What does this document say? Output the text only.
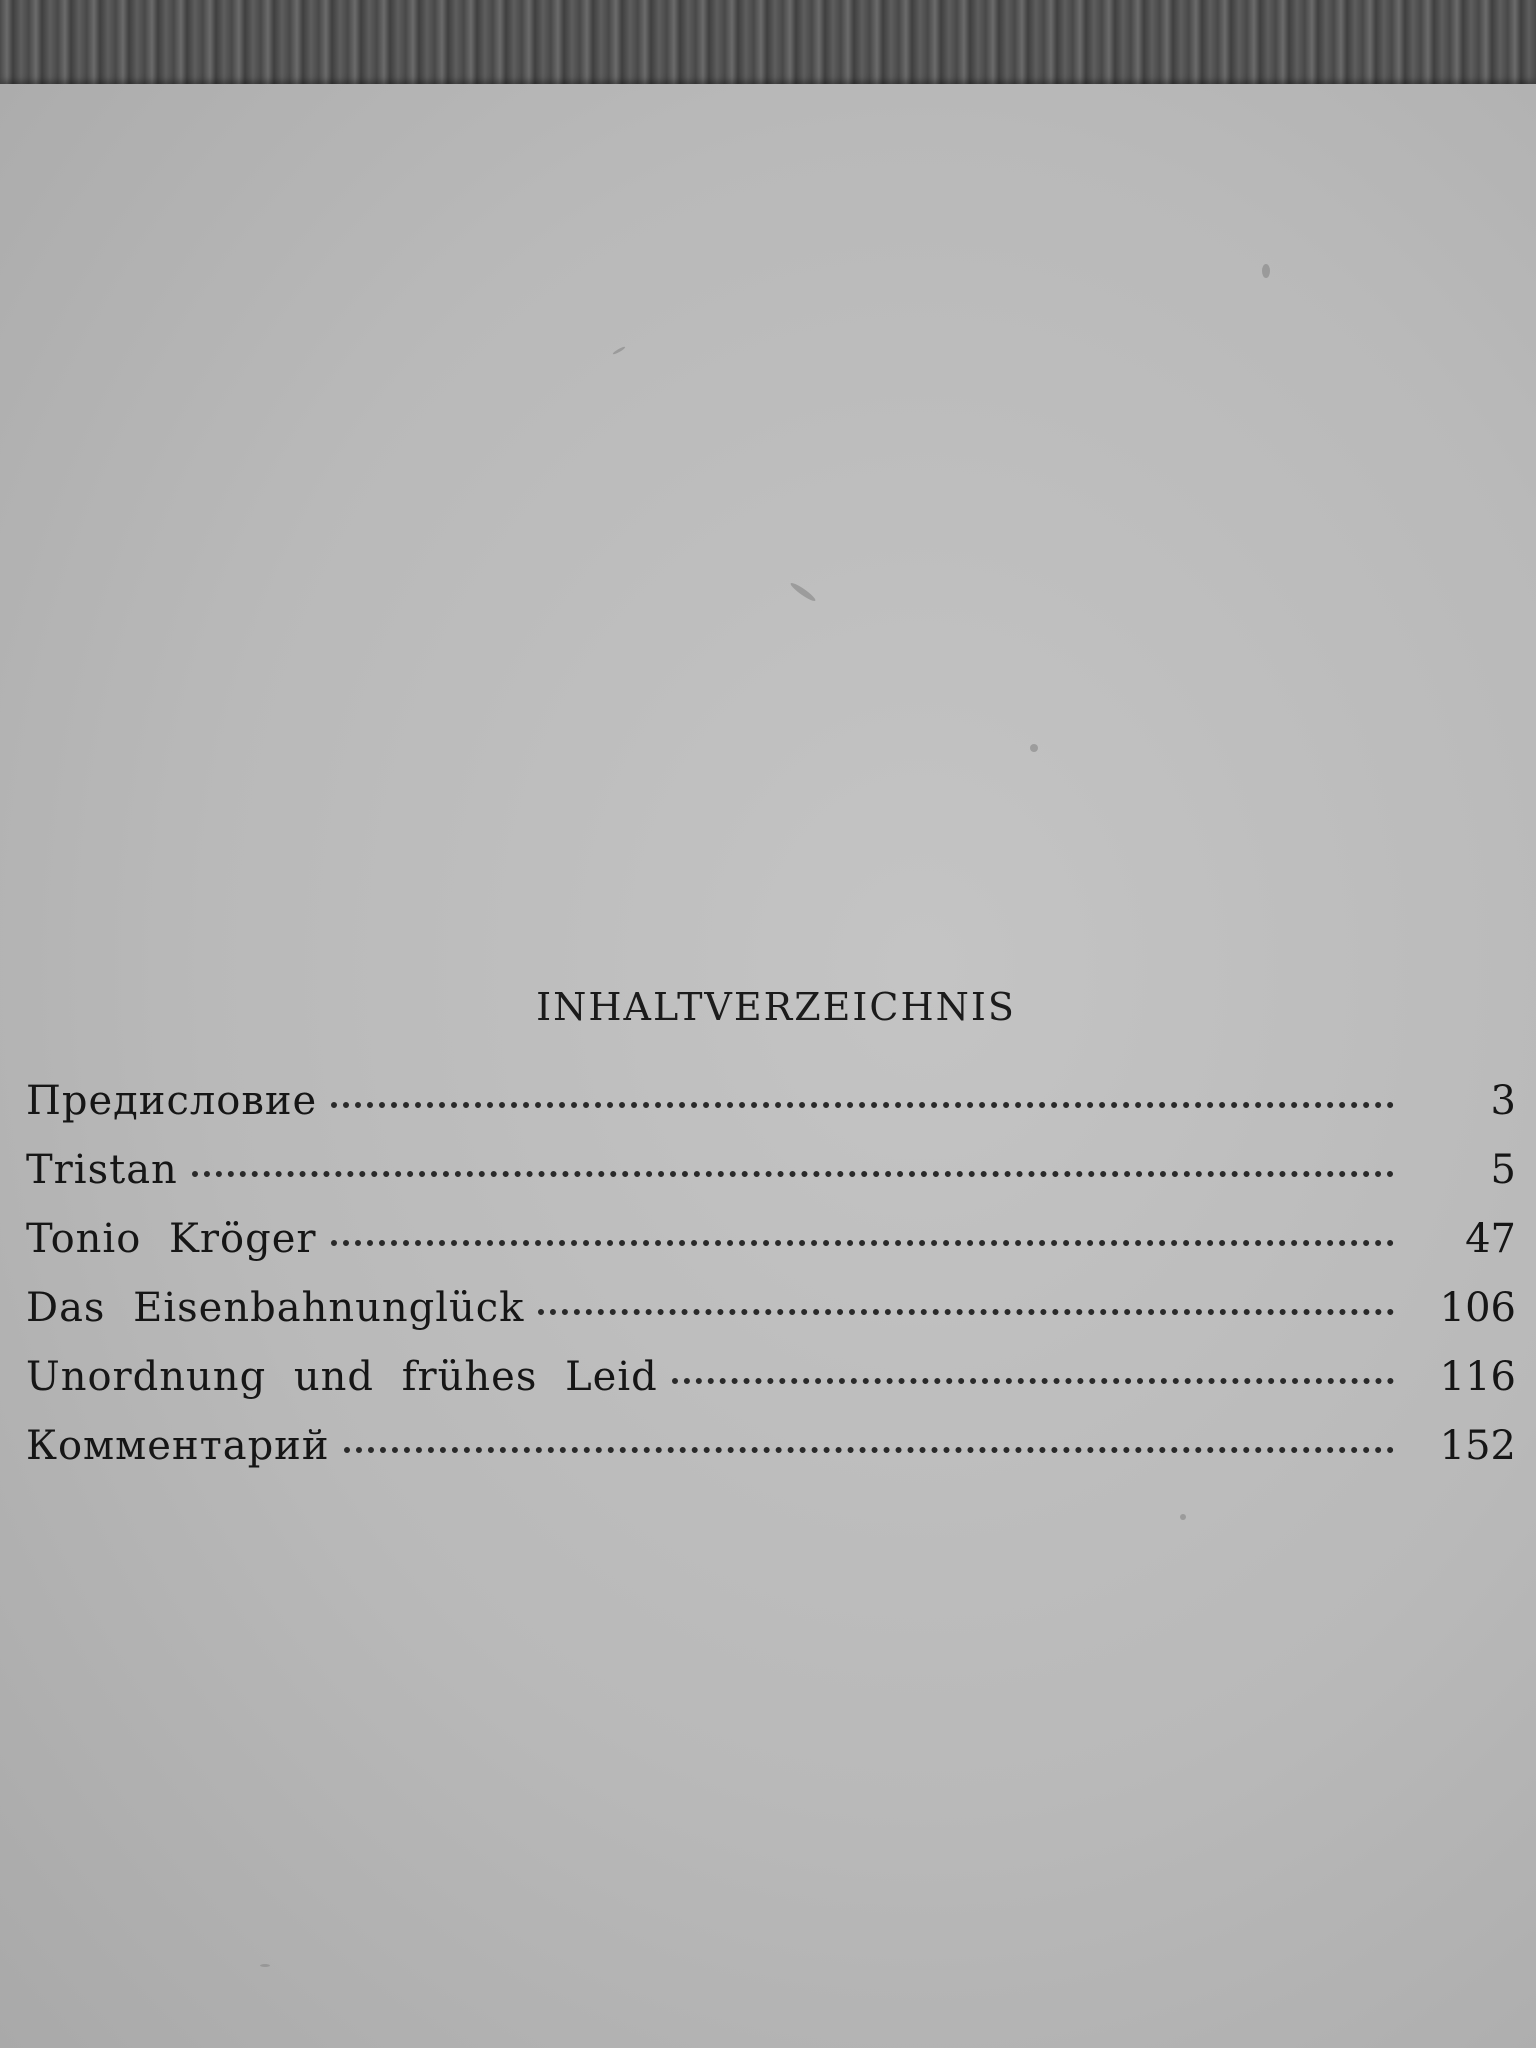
INHALTVERZEICHNIS
Предисловие	3
Tristan	5
Tonio Kröger	47
Das Eisenbahnunglück	106
Unordnung und frühes Leid	116
Комментарий	152
